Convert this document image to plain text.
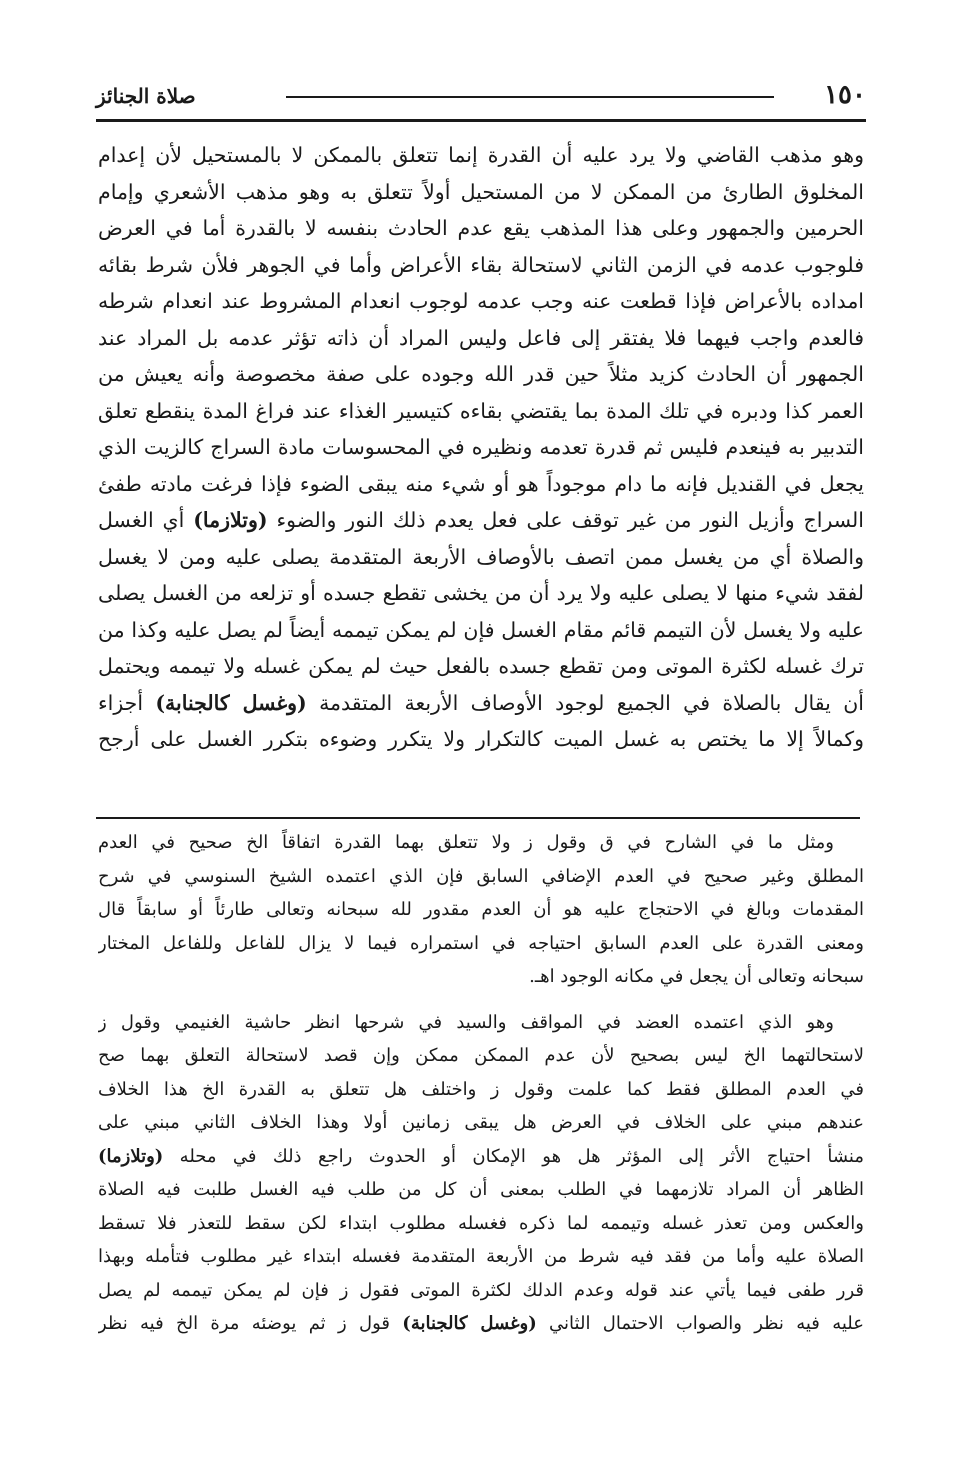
١٥٠
صلاة الجنائز
وهو مذهب القاضي ولا يرد عليه أن القدرة إنما تتعلق بالممكن لا بالمستحيل لأن إعدام
المخلوق الطارئ من الممكن لا من المستحيل أولاً تتعلق به وهو مذهب الأشعري وإمام
الحرمين والجمهور وعلى هذا المذهب يقع عدم الحادث بنفسه لا بالقدرة أما في العرض
فلوجوب عدمه في الزمن الثاني لاستحالة بقاء الأعراض وأما في الجوهر فلأن شرط بقائه
امداده بالأعراض فإذا قطعت عنه وجب عدمه لوجوب انعدام المشروط عند انعدام شرطه
فالعدم واجب فيهما فلا يفتقر إلى فاعل وليس المراد أن ذاته تؤثر عدمه بل المراد عند
الجمهور أن الحادث كزيد مثلاً حين قدر الله وجوده على صفة مخصوصة وأنه يعيش من
العمر كذا ودبره في تلك المدة بما يقتضي بقاءه كتيسير الغذاء عند فراغ المدة ينقطع تعلق
التدبير به فينعدم فليس ثم قدرة تعدمه ونظيره في المحسوسات مادة السراج كالزيت الذي
يجعل في القنديل فإنه ما دام موجوداً هو أو شيء منه يبقى الضوء فإذا فرغت مادته طفئ
السراج وأزيل النور من غير توقف على فعل يعدم ذلك النور والضوء (وتلازما) أي الغسل
والصلاة أي من يغسل ممن اتصف بالأوصاف الأربعة المتقدمة يصلى عليه ومن لا يغسل
لفقد شيء منها لا يصلى عليه ولا يرد أن من يخشى تقطع جسده أو تزلعه من الغسل يصلى
عليه ولا يغسل لأن التيمم قائم مقام الغسل فإن لم يمكن تيممه أيضاً لم يصل عليه وكذا من
ترك غسله لكثرة الموتى ومن تقطع جسده بالفعل حيث لم يمكن غسله ولا تيممه ويحتمل
أن يقال بالصلاة في الجميع لوجود الأوصاف الأربعة المتقدمة (وغسل كالجنابة) أجزاء
وكمالاً إلا ما يختص به غسل الميت كالتكرار ولا يتكرر وضوءه بتكرر الغسل على أرجح
ومثل ما في الشارح في ق وقول ز ولا تتعلق بهما القدرة اتفاقاً الخ صحيح في العدم
المطلق وغير صحيح في العدم الإضافي السابق فإن الذي اعتمده الشيخ السنوسي في شرح
المقدمات وبالغ في الاحتجاج عليه هو أن العدم مقدور لله سبحانه وتعالى طارئاً أو سابقاً قال
ومعنى القدرة على العدم السابق احتياجه في استمراره فيما لا يزال للفاعل وللفاعل المختار
سبحانه وتعالى أن يجعل في مكانه الوجود اهـ.
وهو الذي اعتمده العضد في المواقف والسيد في شرحها انظر حاشية الغنيمي وقول ز
لاستحالتهما الخ ليس بصحيح لأن عدم الممكن ممكن وإن قصد لاستحالة التعلق بهما صح
في العدم المطلق فقط كما علمت وقول ز واختلف هل تتعلق به القدرة الخ هذا الخلاف
عندهم مبني على الخلاف في العرض هل يبقى زمانين أولا وهذا الخلاف الثاني مبني على
منشأ احتياج الأثر إلى المؤثر هل هو الإمكان أو الحدوث راجع ذلك في محله (وتلازما)
الظاهر أن المراد تلازمهما في الطلب بمعنى أن كل من طلب فيه الغسل طلبت فيه الصلاة
والعكس ومن تعذر غسله وتيممه لما ذكره فغسله مطلوب ابتداء لكن سقط للتعذر فلا تسقط
الصلاة عليه وأما من فقد فيه شرط من الأربعة المتقدمة فغسله ابتداء غير مطلوب فتأمله وبهذا
قرر طفى فيما يأتي عند قوله وعدم الدلك لكثرة الموتى فقول ز فإن لم يمكن تيممه لم يصل
عليه فيه نظر والصواب الاحتمال الثاني (وغسل كالجنابة) قول ز ثم يوضئه مرة الخ فيه نظر
